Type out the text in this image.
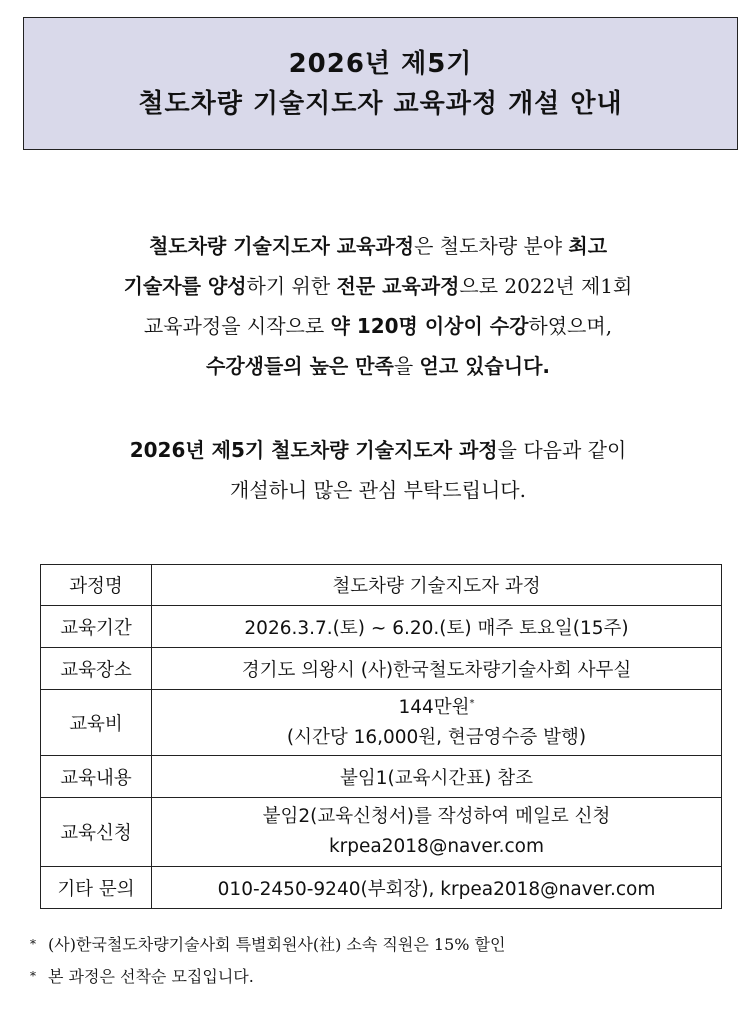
2026년 제5기
철도차량 기술지도자 교육과정 개설 안내
철도차량 기술지도자 교육과정은 철도차량 분야 최고
기술자를 양성하기 위한 전문 교육과정으로 2022년 제1회
교육과정을 시작으로 약 120명 이상이 수강하였으며,
수강생들의 높은 만족을 얻고 있습니다.
2026년 제5기 철도차량 기술지도자 과정을 다음과 같이
개설하니 많은 관심 부탁드립니다.
과정명	철도차량 기술지도자 과정
교육기간	2026.3.7.(토) ~ 6.20.(토) 매주 토요일(15주)
교육장소	경기도 의왕시 (사)한국철도차량기술사회 사무실
교육비	144만원*
(시간당 16,000원, 현금영수증 발행)

교육내용	붙임1(교육시간표) 참조
교육신청	붙임2(교육신청서)를 작성하여 메일로 신청
krpea2018@naver.com

기타 문의	010-2450-9240(부회장), krpea2018@naver.com
* (사)한국철도차량기술사회 특별회원사(社) 소속 직원은 15% 할인
* 본 과정은 선착순 모집입니다.
